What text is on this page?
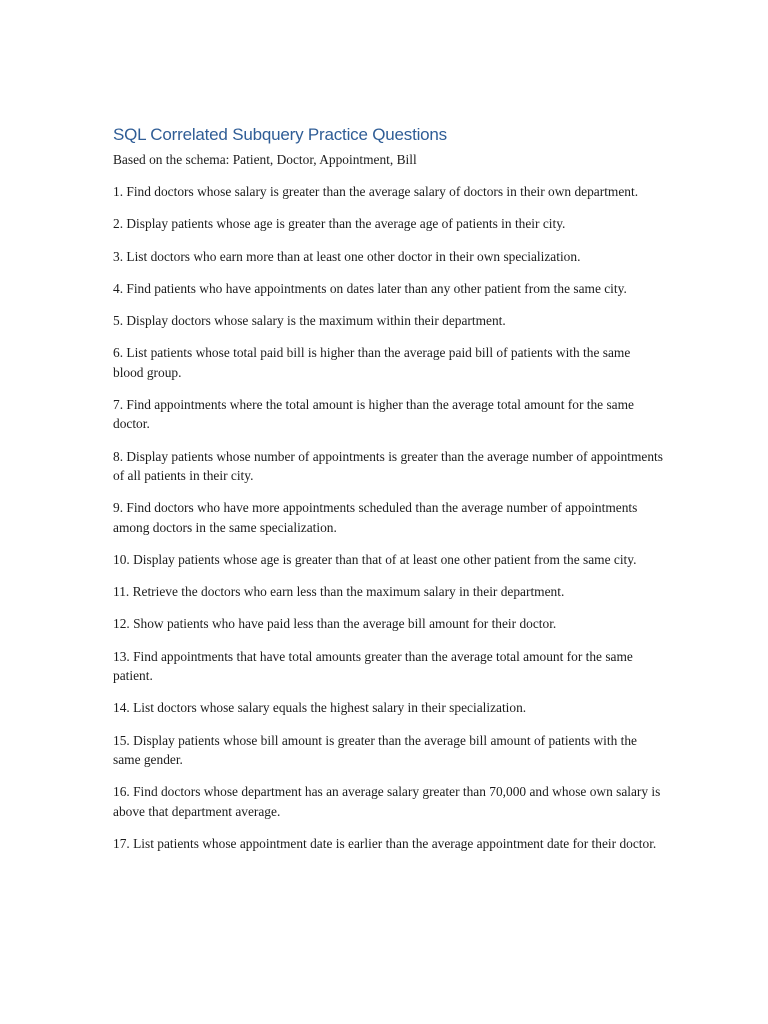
SQL Correlated Subquery Practice Questions
Based on the schema: Patient, Doctor, Appointment, Bill
1. Find doctors whose salary is greater than the average salary of doctors in their own department.
2. Display patients whose age is greater than the average age of patients in their city.
3. List doctors who earn more than at least one other doctor in their own specialization.
4. Find patients who have appointments on dates later than any other patient from the same city.
5. Display doctors whose salary is the maximum within their department.
6. List patients whose total paid bill is higher than the average paid bill of patients with the same blood group.
7. Find appointments where the total amount is higher than the average total amount for the same doctor.
8. Display patients whose number of appointments is greater than the average number of appointments of all patients in their city.
9. Find doctors who have more appointments scheduled than the average number of appointments among doctors in the same specialization.
10. Display patients whose age is greater than that of at least one other patient from the same city.
11. Retrieve the doctors who earn less than the maximum salary in their department.
12. Show patients who have paid less than the average bill amount for their doctor.
13. Find appointments that have total amounts greater than the average total amount for the same patient.
14. List doctors whose salary equals the highest salary in their specialization.
15. Display patients whose bill amount is greater than the average bill amount of patients with the same gender.
16. Find doctors whose department has an average salary greater than 70,000 and whose own salary is above that department average.
17. List patients whose appointment date is earlier than the average appointment date for their doctor.
